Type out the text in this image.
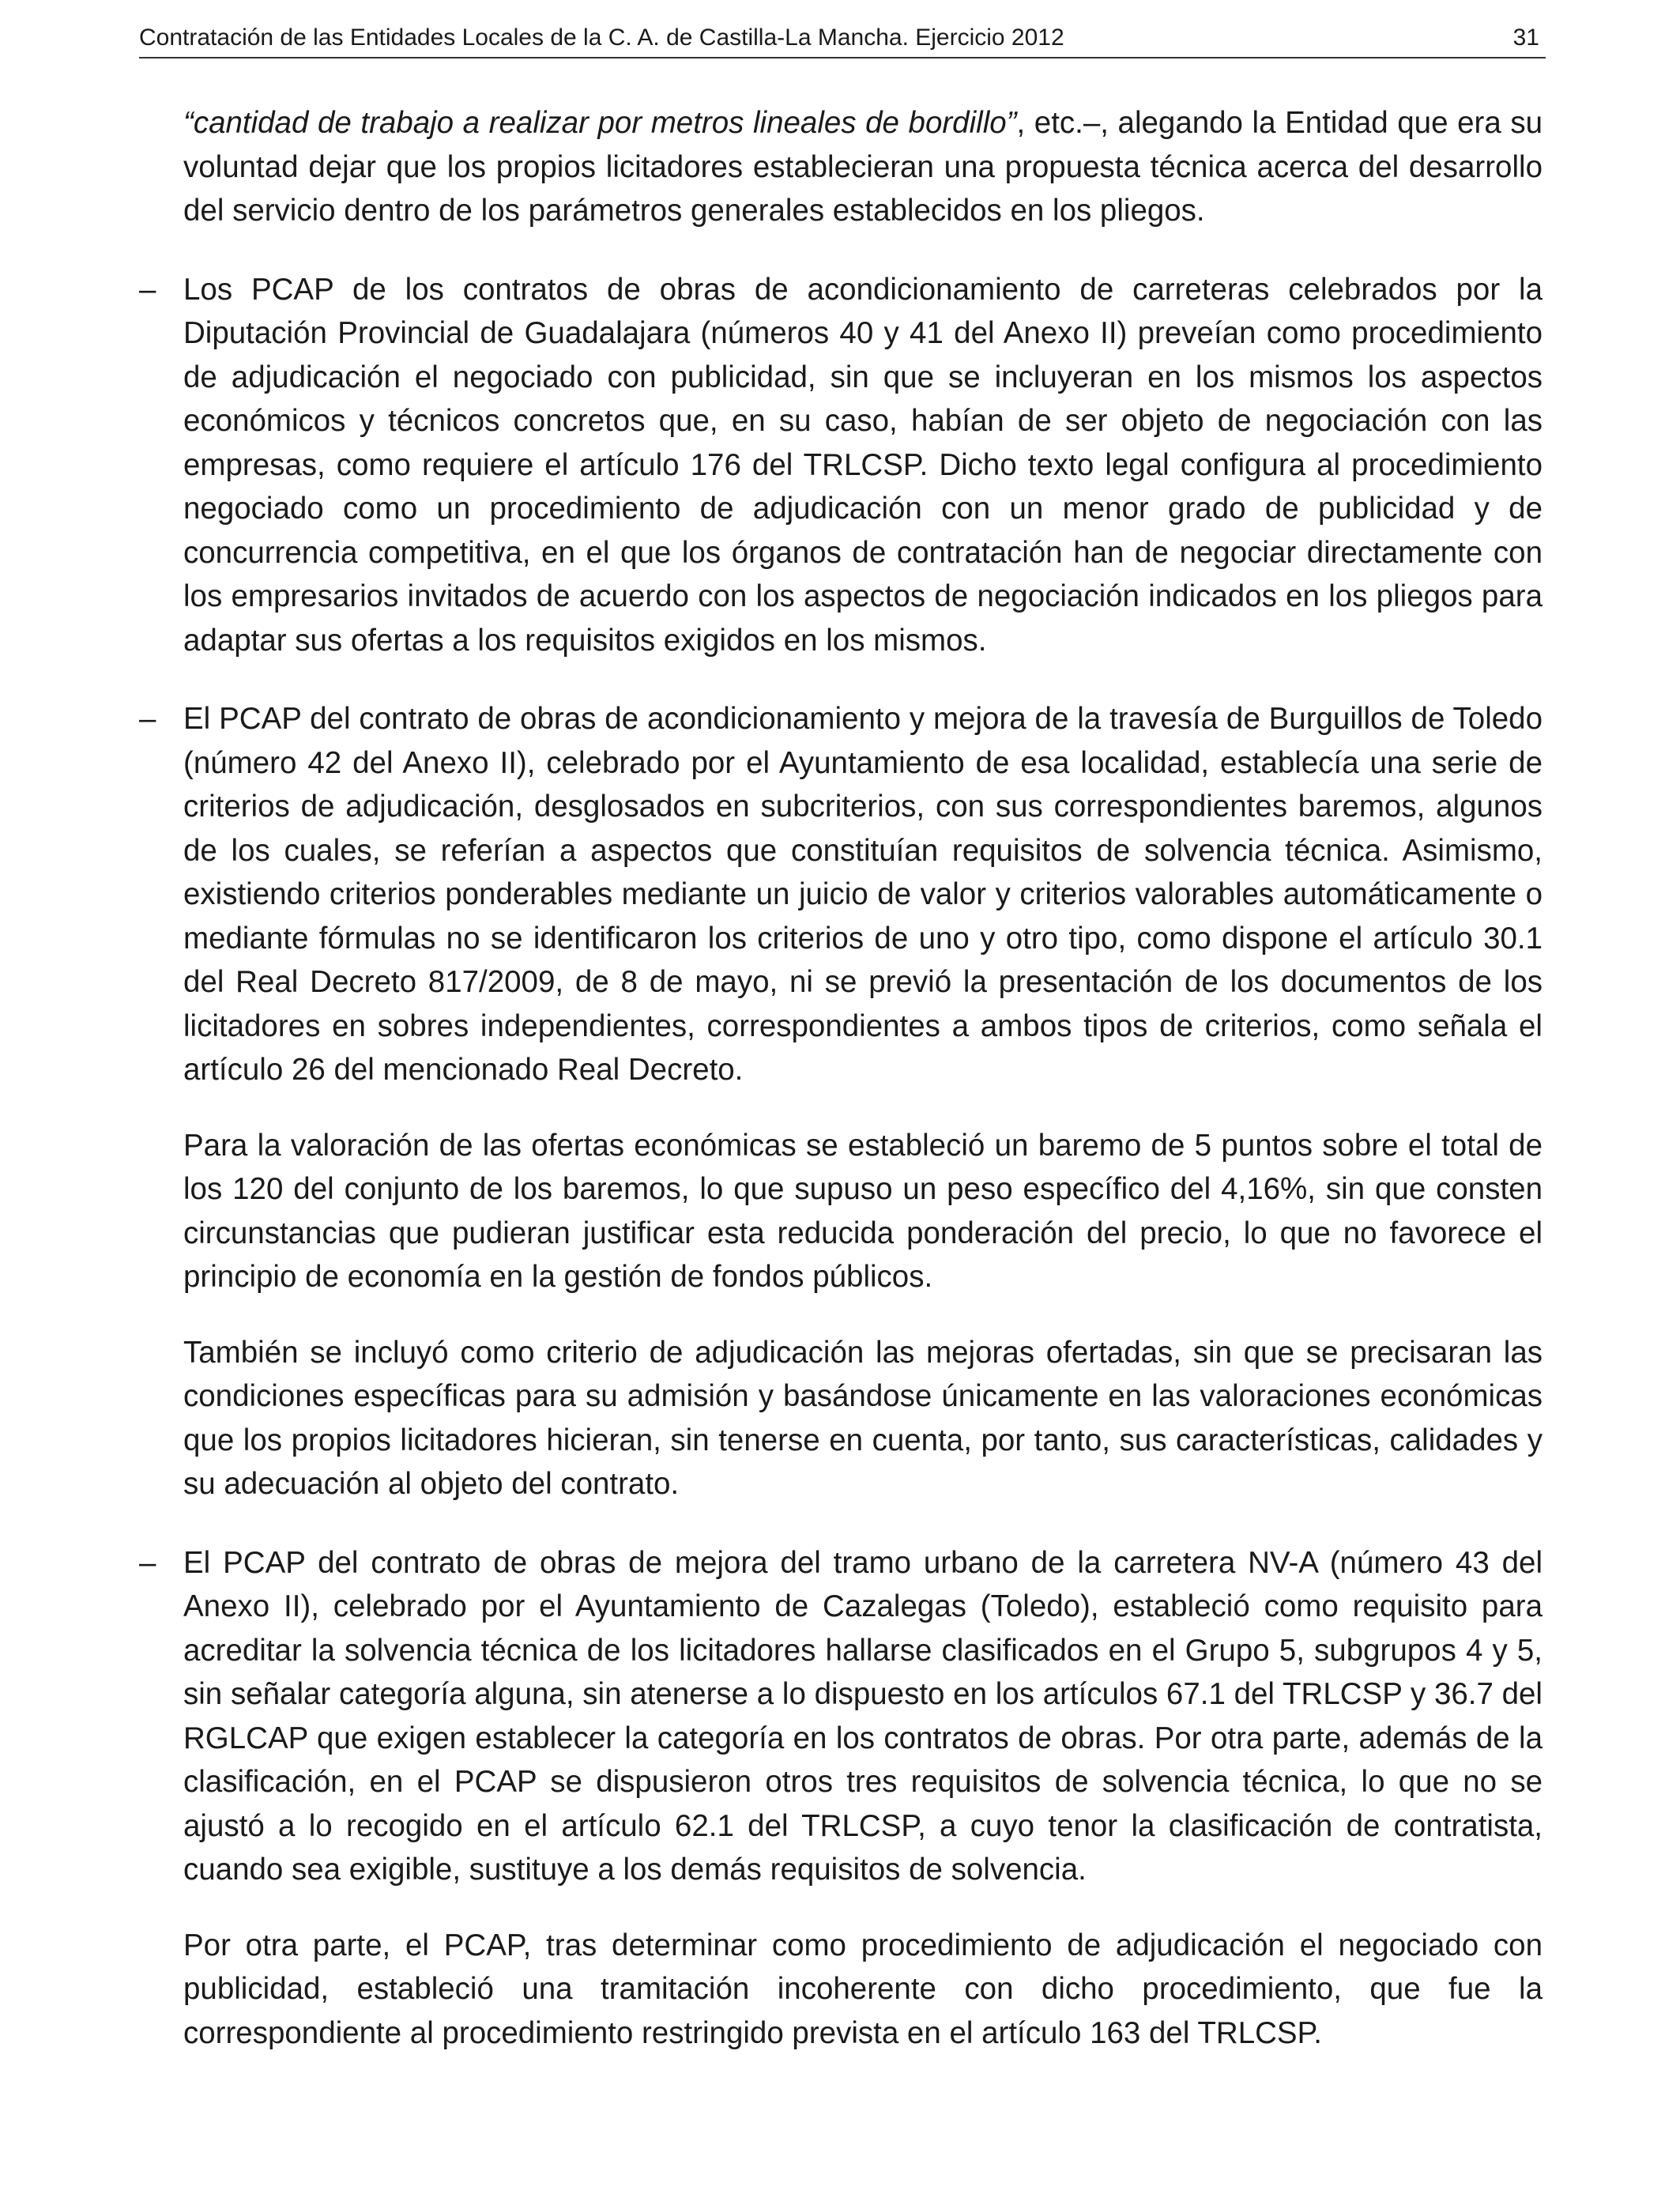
Contratación de las Entidades Locales de la C. A. de Castilla-La Mancha. Ejercicio 2012	31

“cantidad de trabajo a realizar por metros lineales de bordillo”, etc.–, alegando la Entidad que era su voluntad dejar que los propios licitadores establecieran una propuesta técnica acerca del desarrollo del servicio dentro de los parámetros generales establecidos en los pliegos.

– Los PCAP de los contratos de obras de acondicionamiento de carreteras celebrados por la Diputación Provincial de Guadalajara (números 40 y 41 del Anexo II) preveían como procedimiento de adjudicación el negociado con publicidad, sin que se incluyeran en los mismos los aspectos económicos y técnicos concretos que, en su caso, habían de ser objeto de negociación con las empresas, como requiere el artículo 176 del TRLCSP. Dicho texto legal configura al procedimiento negociado como un procedimiento de adjudicación con un menor grado de publicidad y de concurrencia competitiva, en el que los órganos de contratación han de negociar directamente con los empresarios invitados de acuerdo con los aspectos de negociación indicados en los pliegos para adaptar sus ofertas a los requisitos exigidos en los mismos.

– El PCAP del contrato de obras de acondicionamiento y mejora de la travesía de Burguillos de Toledo (número 42 del Anexo II), celebrado por el Ayuntamiento de esa localidad, establecía una serie de criterios de adjudicación, desglosados en subcriterios, con sus correspondientes baremos, algunos de los cuales, se referían a aspectos que constituían requisitos de solvencia técnica. Asimismo, existiendo criterios ponderables mediante un juicio de valor y criterios valorables automáticamente o mediante fórmulas no se identificaron los criterios de uno y otro tipo, como dispone el artículo 30.1 del Real Decreto 817/2009, de 8 de mayo, ni se previó la presentación de los documentos de los licitadores en sobres independientes, correspondientes a ambos tipos de criterios, como señala el artículo 26 del mencionado Real Decreto.

Para la valoración de las ofertas económicas se estableció un baremo de 5 puntos sobre el total de los 120 del conjunto de los baremos, lo que supuso un peso específico del 4,16%, sin que consten circunstancias que pudieran justificar esta reducida ponderación del precio, lo que no favorece el principio de economía en la gestión de fondos públicos.

También se incluyó como criterio de adjudicación las mejoras ofertadas, sin que se precisaran las condiciones específicas para su admisión y basándose únicamente en las valoraciones económicas que los propios licitadores hicieran, sin tenerse en cuenta, por tanto, sus características, calidades y su adecuación al objeto del contrato.

– El PCAP del contrato de obras de mejora del tramo urbano de la carretera NV-A (número 43 del Anexo II), celebrado por el Ayuntamiento de Cazalegas (Toledo), estableció como requisito para acreditar la solvencia técnica de los licitadores hallarse clasificados en el Grupo 5, subgrupos 4 y 5, sin señalar categoría alguna, sin atenerse a lo dispuesto en los artículos 67.1 del TRLCSP y 36.7 del RGLCAP que exigen establecer la categoría en los contratos de obras. Por otra parte, además de la clasificación, en el PCAP se dispusieron otros tres requisitos de solvencia técnica, lo que no se ajustó a lo recogido en el artículo 62.1 del TRLCSP, a cuyo tenor la clasificación de contratista, cuando sea exigible, sustituye a los demás requisitos de solvencia.

Por otra parte, el PCAP, tras determinar como procedimiento de adjudicación el negociado con publicidad, estableció una tramitación incoherente con dicho procedimiento, que fue la correspondiente al procedimiento restringido prevista en el artículo 163 del TRLCSP.
